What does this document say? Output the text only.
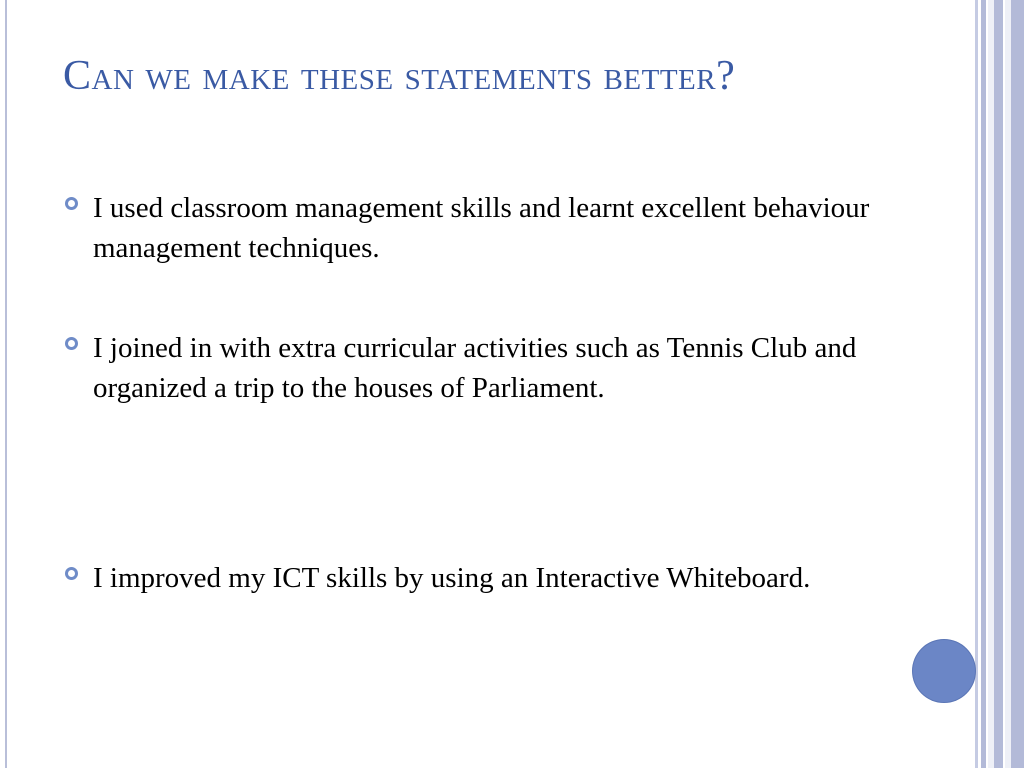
Can we make these statements better?
I used classroom management skills and learnt excellent behaviour management techniques.
I joined in with extra curricular activities such as Tennis Club and organized a trip to the houses of Parliament.
I improved my ICT skills by using an Interactive Whiteboard.
